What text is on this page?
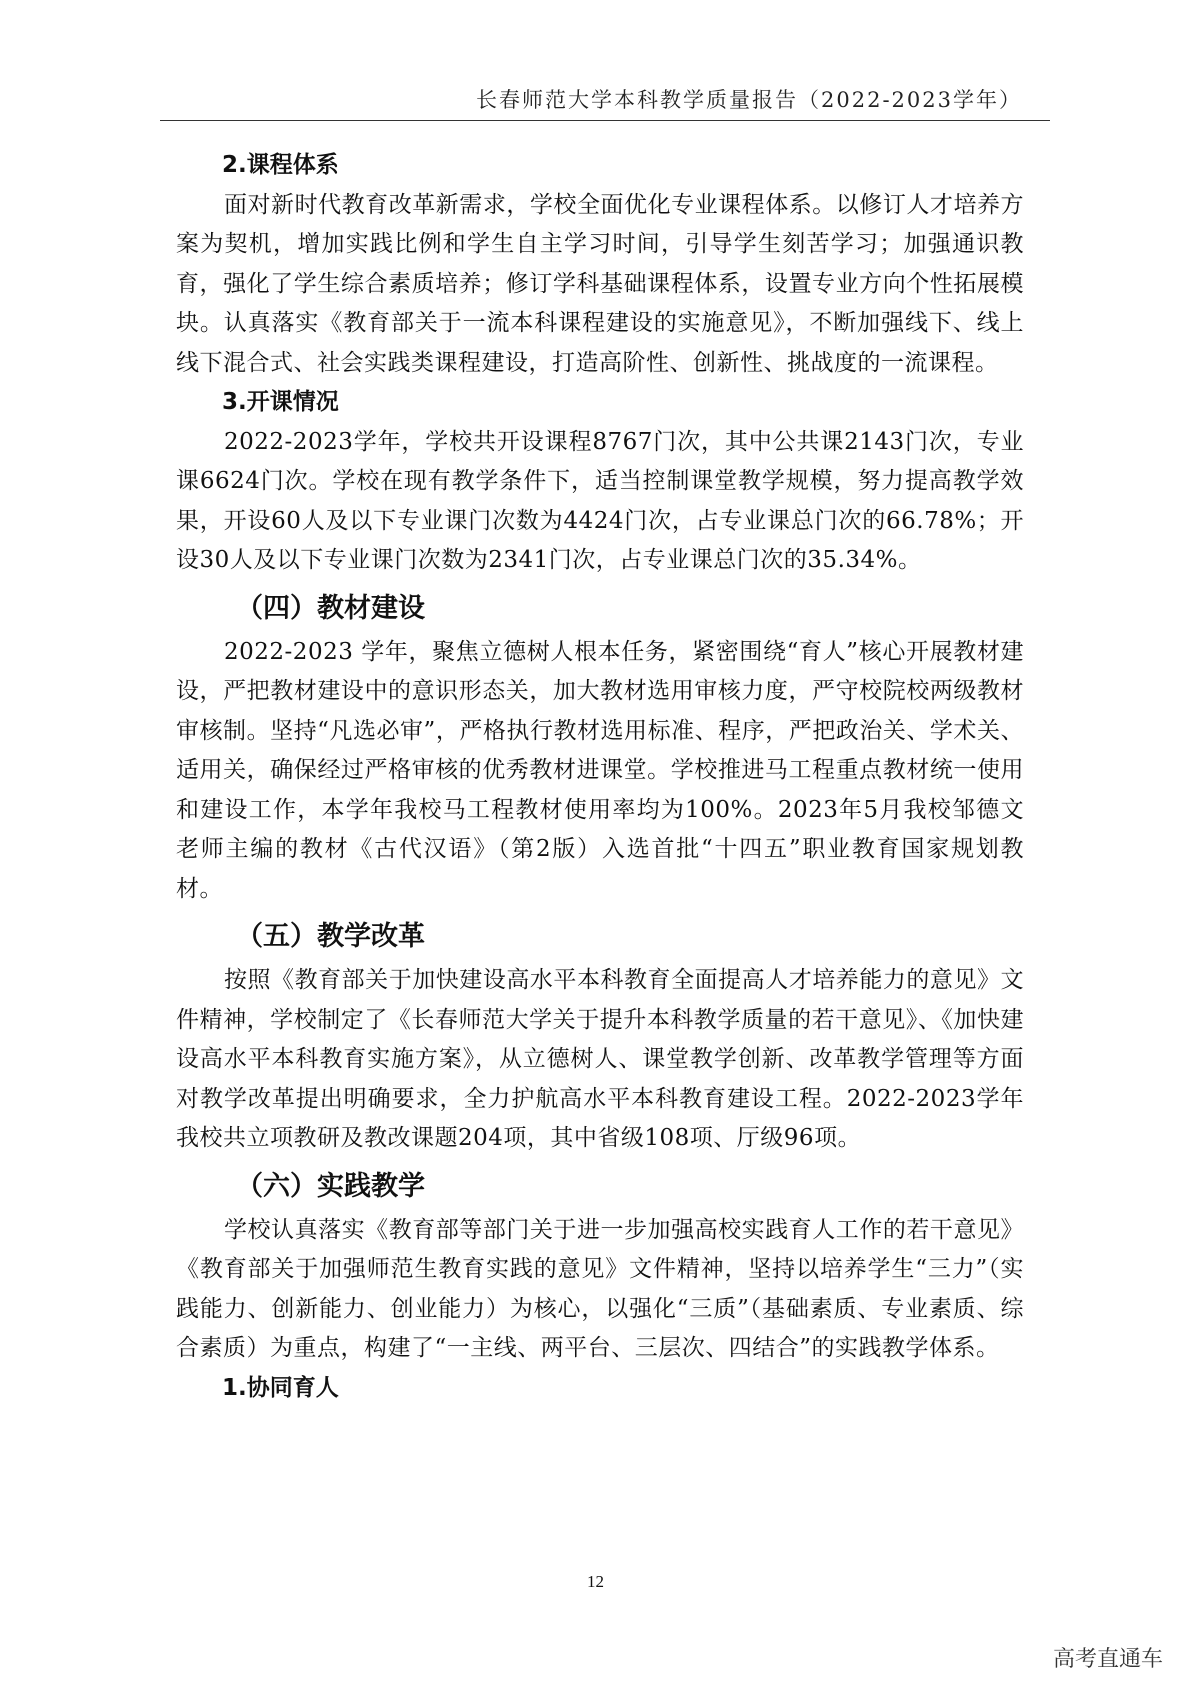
长春师范大学本科教学质量报告（2022-2023学年）
2.课程体系

面对新时代教育改革新需求，学校全面优化专业课程体系。以修订人才培养方案为契机，增加实践比例和学生自主学习时间，引导学生刻苦学习；加强通识教育，强化了学生综合素质培养；修订学科基础课程体系，设置专业方向个性拓展模块。认真落实《教育部关于一流本科课程建设的实施意见》，不断加强线下、线上线下混合式、社会实践类课程建设，打造高阶性、创新性、挑战度的一流课程。

3.开课情况

2022-2023学年，学校共开设课程8767门次，其中公共课2143门次，专业课6624门次。学校在现有教学条件下，适当控制课堂教学规模，努力提高教学效果，开设60人及以下专业课门次数为4424门次，占专业课总门次的66.78%；开设30人及以下专业课门次数为2341门次，占专业课总门次的35.34%。

（四）教材建设

2022-2023 学年，聚焦立德树人根本任务，紧密围绕“育人”核心开展教材建设，严把教材建设中的意识形态关，加大教材选用审核力度，严守校院校两级教材审核制。坚持“凡选必审”，严格执行教材选用标准、程序，严把政治关、学术关、适用关，确保经过严格审核的优秀教材进课堂。学校推进马工程重点教材统一使用和建设工作，本学年我校马工程教材使用率均为100%。2023年5月我校邹德文老师主编的教材《古代汉语》（第2版）入选首批“十四五”职业教育国家规划教材。

（五）教学改革

按照《教育部关于加快建设高水平本科教育全面提高人才培养能力的意见》文件精神，学校制定了《长春师范大学关于提升本科教学质量的若干意见》、《加快建设高水平本科教育实施方案》，从立德树人、课堂教学创新、改革教学管理等方面对教学改革提出明确要求，全力护航高水平本科教育建设工程。2022-2023学年我校共立项教研及教改课题204项，其中省级108项、厅级96项。

（六）实践教学

学校认真落实《教育部等部门关于进一步加强高校实践育人工作的若干意见》《教育部关于加强师范生教育实践的意见》文件精神，坚持以培养学生“三力”（实践能力、创新能力、创业能力）为核心，以强化“三质”（基础素质、专业素质、综合素质）为重点，构建了“一主线、两平台、三层次、四结合”的实践教学体系。

1.协同育人
12
高考直通车
